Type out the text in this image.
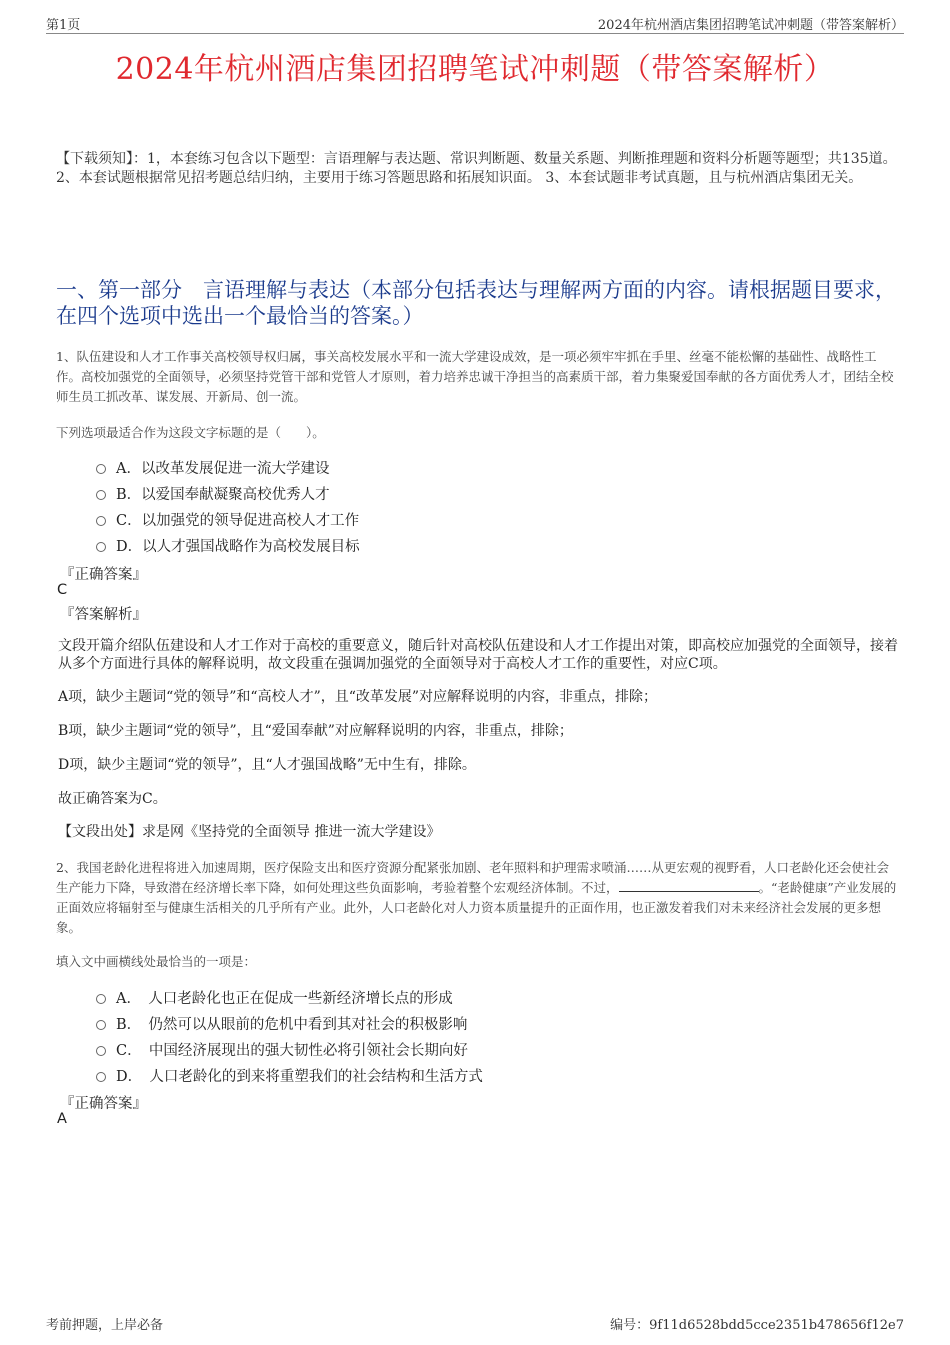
第1页	2024年杭州酒店集团招聘笔试冲刺题（带答案解析）
2024年杭州酒店集团招聘笔试冲刺题（带答案解析）
【下载须知】：1，本套练习包含以下题型：言语理解与表达题、常识判断题、数量关系题、判断推理题和资料分析题等题型；共135道。 2、本套试题根据常见招考题总结归纳，主要用于练习答题思路和拓展知识面。 3、本套试题非考试真题，且与杭州酒店集团无关。
一、第一部分　言语理解与表达（本部分包括表达与理解两方面的内容。请根据题目要求，在四个选项中选出一个最恰当的答案。）
1、队伍建设和人才工作事关高校领导权归属，事关高校发展水平和一流大学建设成效，是一项必须牢牢抓在手里、丝毫不能松懈的基础性、战略性工作。高校加强党的全面领导，必须坚持党管干部和党管人才原则，着力培养忠诚干净担当的高素质干部，着力集聚爱国奉献的各方面优秀人才，团结全校师生员工抓改革、谋发展、开新局、创一流。
下列选项最适合作为这段文字标题的是（　　）。
A．以改革发展促进一流大学建设
B．以爱国奉献凝聚高校优秀人才
C．以加强党的领导促进高校人才工作
D．以人才强国战略作为高校发展目标
『正确答案』
C
『答案解析』
文段开篇介绍队伍建设和人才工作对于高校的重要意义，随后针对高校队伍建设和人才工作提出对策，即高校应加强党的全面领导，接着从多个方面进行具体的解释说明，故文段重在强调加强党的全面领导对于高校人才工作的重要性，对应C项。
A项，缺少主题词“党的领导”和“高校人才”，且“改革发展”对应解释说明的内容，非重点，排除；
B项，缺少主题词“党的领导”，且“爱国奉献”对应解释说明的内容，非重点，排除；
D项，缺少主题词“党的领导”，且“人才强国战略”无中生有，排除。
故正确答案为C。
【文段出处】求是网《坚持党的全面领导 推进一流大学建设》
2、我国老龄化进程将进入加速周期，医疗保险支出和医疗资源分配紧张加剧、老年照料和护理需求喷涌……从更宏观的视野看，人口老龄化还会使社会生产能力下降，导致潜在经济增长率下降，如何处理这些负面影响，考验着整个宏观经济体制。不过，	。“老龄健康”产业发展的正面效应将辐射至与健康生活相关的几乎所有产业。此外，人口老龄化对人力资本质量提升的正面作用，也正激发着我们对未来经济社会发展的更多想象。
填入文中画横线处最恰当的一项是：
A．　人口老龄化也正在促成一些新经济增长点的形成
B．　仍然可以从眼前的危机中看到其对社会的积极影响
C．　中国经济展现出的强大韧性必将引领社会长期向好
D．　人口老龄化的到来将重塑我们的社会结构和生活方式
『正确答案』
A
考前押题，上岸必备	编号：9f11d6528bdd5cce2351b478656f12e7
